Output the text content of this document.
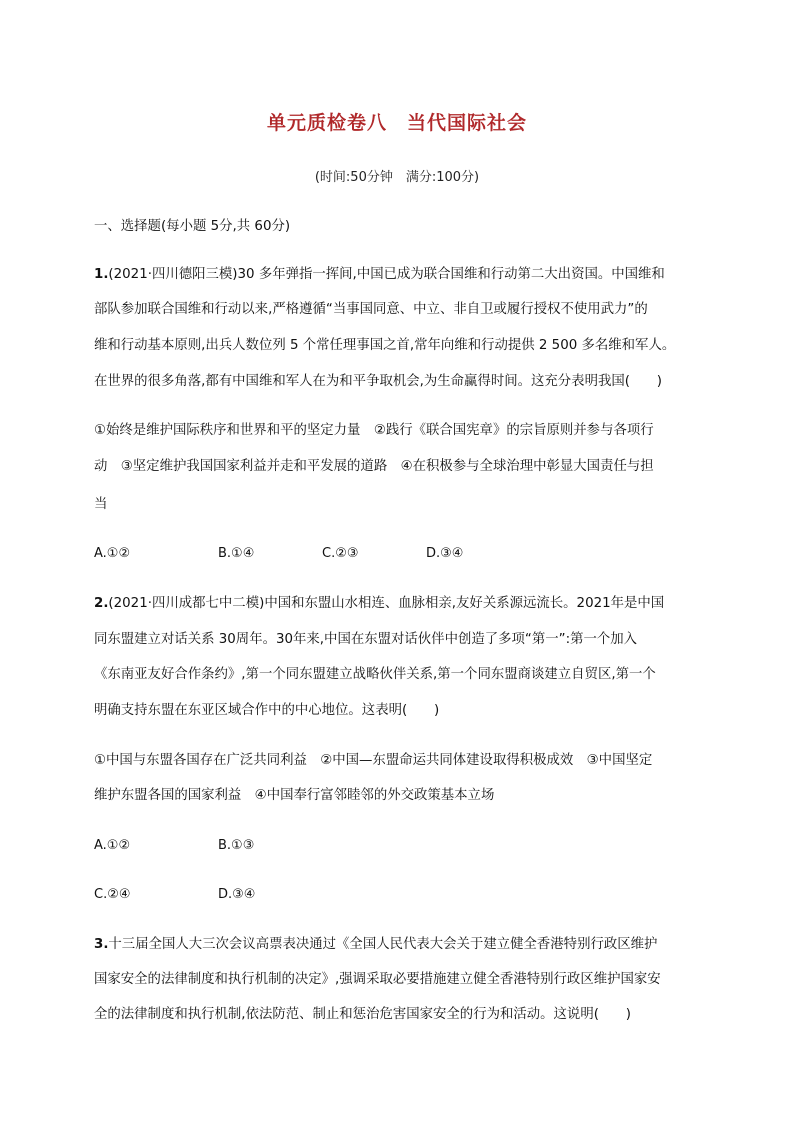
单元质检卷八　当代国际社会
(时间:50分钟　满分:100分)
一、选择题(每小题 5分,共 60分)
1.(2021·四川德阳三模)30 多年弹指一挥间,中国已成为联合国维和行动第二大出资国。中国维和
部队参加联合国维和行动以来,严格遵循“当事国同意、中立、非自卫或履行授权不使用武力”的
维和行动基本原则,出兵人数位列 5 个常任理事国之首,常年向维和行动提供 2 500 多名维和军人。
在世界的很多角落,都有中国维和军人在为和平争取机会,为生命赢得时间。这充分表明我国(　　)
①始终是维护国际秩序和世界和平的坚定力量　②践行《联合国宪章》的宗旨原则并参与各项行
动　③坚定维护我国国家利益并走和平发展的道路　④在积极参与全球治理中彰显大国责任与担
当
A.①②	B.①④	C.②③	D.③④
2.(2021·四川成都七中二模)中国和东盟山水相连、血脉相亲,友好关系源远流长。2021年是中国
同东盟建立对话关系 30周年。30年来,中国在东盟对话伙伴中创造了多项“第一”:第一个加入
《东南亚友好合作条约》,第一个同东盟建立战略伙伴关系,第一个同东盟商谈建立自贸区,第一个
明确支持东盟在东亚区域合作中的中心地位。这表明(　　)
①中国与东盟各国存在广泛共同利益　②中国—东盟命运共同体建设取得积极成效　③中国坚定
维护东盟各国的国家利益　④中国奉行富邻睦邻的外交政策基本立场
A.①②	B.①③
C.②④	D.③④
3.十三届全国人大三次会议高票表决通过《全国人民代表大会关于建立健全香港特别行政区维护
国家安全的法律制度和执行机制的决定》,强调采取必要措施建立健全香港特别行政区维护国家安
全的法律制度和执行机制,依法防范、制止和惩治危害国家安全的行为和活动。这说明(　　)
